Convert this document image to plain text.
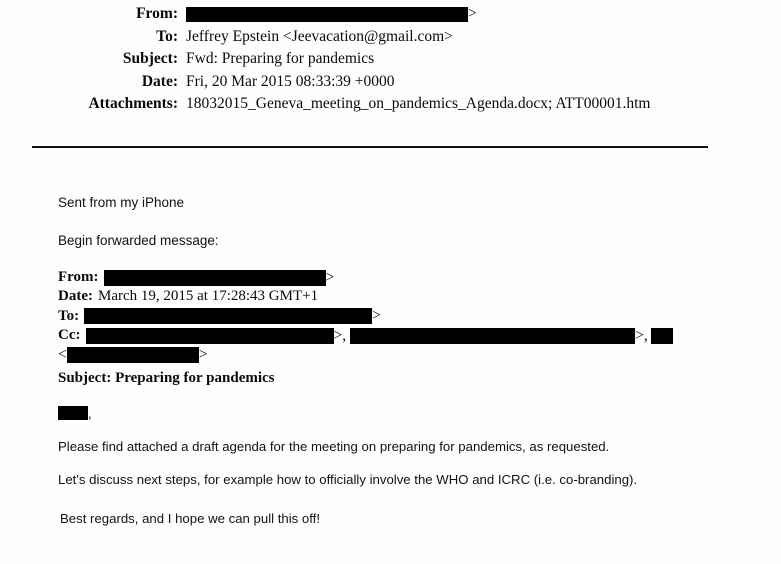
From:	>
To: Jeffrey Epstein <Jeevacation@gmail.com>
Subject: Fwd: Preparing for pandemics
Date: Fri, 20 Mar 2015 08:33:39 +0000
Attachments: 18032015_Geneva_meeting_on_pandemics_Agenda.docx; ATT00001.htm
Sent from my iPhone
Begin forwarded message:
From:	>
Date: March 19, 2015 at 17:28:43 GMT+1
To:	>
Cc:	>,	>,
<	>
Subject: Preparing for pandemics
,
Please find attached a draft agenda for the meeting on preparing for pandemics, as requested.
Let's discuss next steps, for example how to officially involve the WHO and ICRC (i.e. co-branding).
Best regards, and I hope we can pull this off!
